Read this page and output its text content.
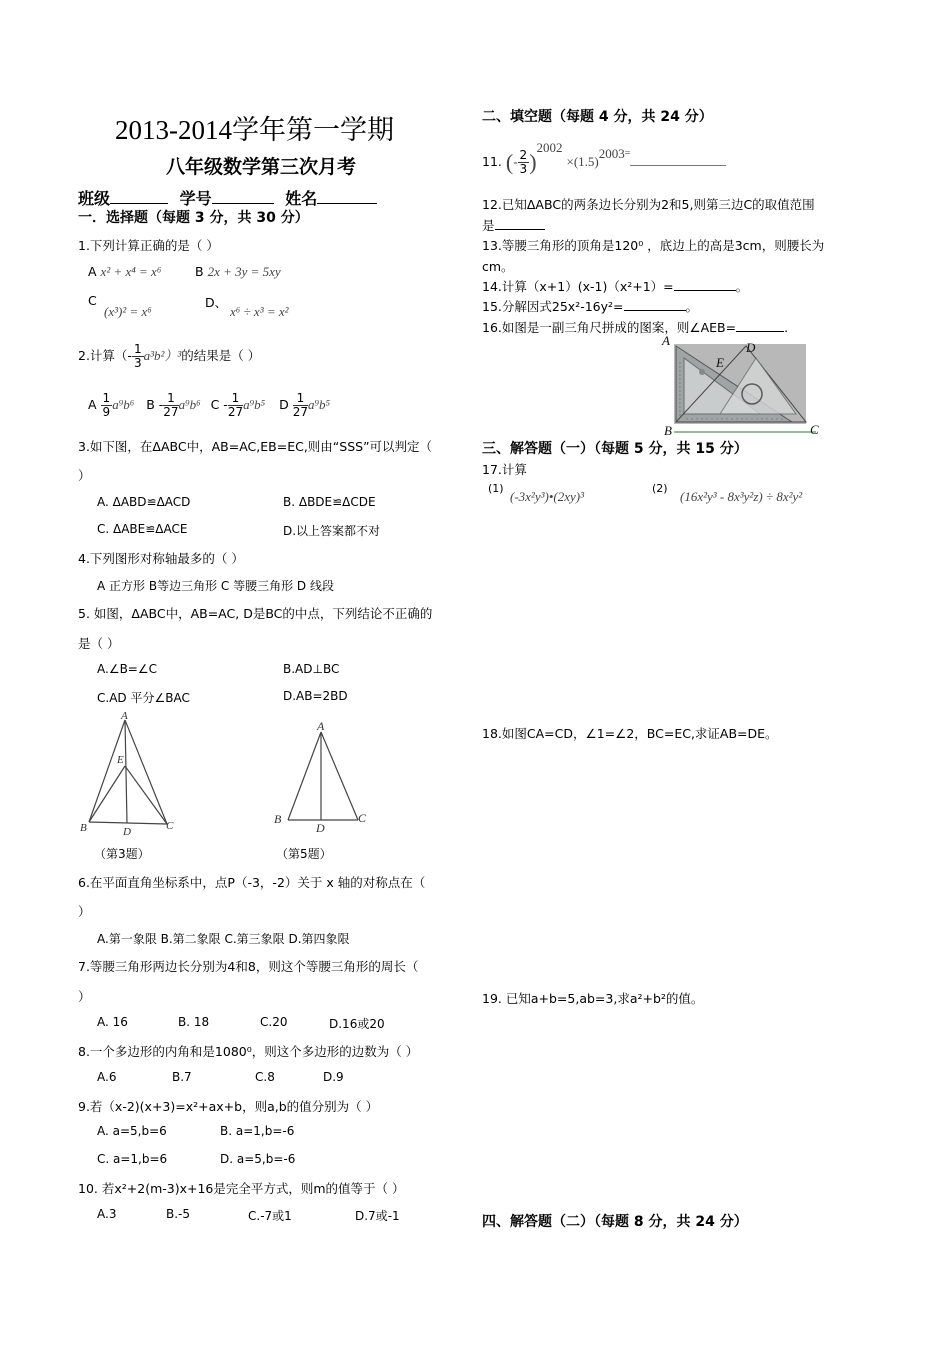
2013-2014学年第一学期
八年级数学第三次月考
班级	学号	姓名
一．选择题（每题 3 分，共 30 分）
1.下列计算正确的是（ ）
A x² + x⁴ = x⁶	B 2x + 3y = 5xy
C
(x³)² = x⁶
D、
x⁶ ÷ x³ = x²
2.计算（- $\frac{1}{3} a^3b^2)^3$的结果是（ ）
A $\frac{1}{9} a^9b^6$ B - $\frac{1}{27} a^9b^6$ C - $\frac{1}{27} a^9b^5$ D $\frac{1}{27} a^9b^5$
3.如下图，在ΔABC中，AB=AC,EB=EC,则由“SSS”可以判定（
）
A. ΔABD≌ΔACD	B. ΔBDE≌ΔCDE
C. ΔABE≌ΔACE	D.以上答案都不对
4.下列图形对称轴最多的（ ）
A 正方形 B等边三角形 C 等腰三角形 D 线段
5. 如图，ΔABC中，AB=AC, D是BC的中点，下列结论不正确的
是（ ）
A.∠B=∠C	B.AD⊥BC
C.AD 平分∠BAC	D.AB=2BD
A
E
B	D	C
（第3题）
A
B
D
C
（第5题）
6.在平面直角坐标系中，点P（-3，-2）关于 x 轴的对称点在（
）
A.第一象限 B.第二象限 C.第三象限 D.第四象限
7.等腰三角形两边长分别为4和8，则这个等腰三角形的周长（
）
A. 16	B. 18	C.20	D.16或20
8.一个多边形的内角和是1080⁰，则这个多边形的边数为（ ）
A.6	B.7	C.8	D.9
9.若（x-2)(x+3)=x²+ax+b，则a,b的值分别为（ ）
A. a=5,b=6	B. a=1,b=-6
C. a=1,b=6	D. a=5,b=-6
10. 若x²+2(m-3)x+16是完全平方式，则m的值等于（ ）
A.3	B.-5	C.-7或1	D.7或-1
二、填空题（每题 4 分，共 24 分）
11. (- $\frac{2}{3} )^{2002} \times(1.5)^{2003=}$
12.已知ΔABC的两条边长分别为2和5,则第三边C的取值范围
是
13.等腰三角形的顶角是120⁰ ，底边上的高是3cm，则腰长为
cm。
14.计算（x+1）(x-1)（x²+1）=	。
15.分解因式25x²-16y²=	。
16.如图是一副三角尺拼成的图案，则∠AEB=	.
A	D
E
B	C
三、解答题（一）（每题 5 分，共 15 分）
17.计算
(1)
(-3x²y³)•(2xy)³
(2)
(16x²y³ - 8x³y²z) ÷ 8x²y²
18.如图CA=CD，∠1=∠2，BC=EC,求证AB=DE。
19. 已知a+b=5,ab=3,求a²+b²的值。
四、解答题（二）（每题 8 分，共 24 分）
